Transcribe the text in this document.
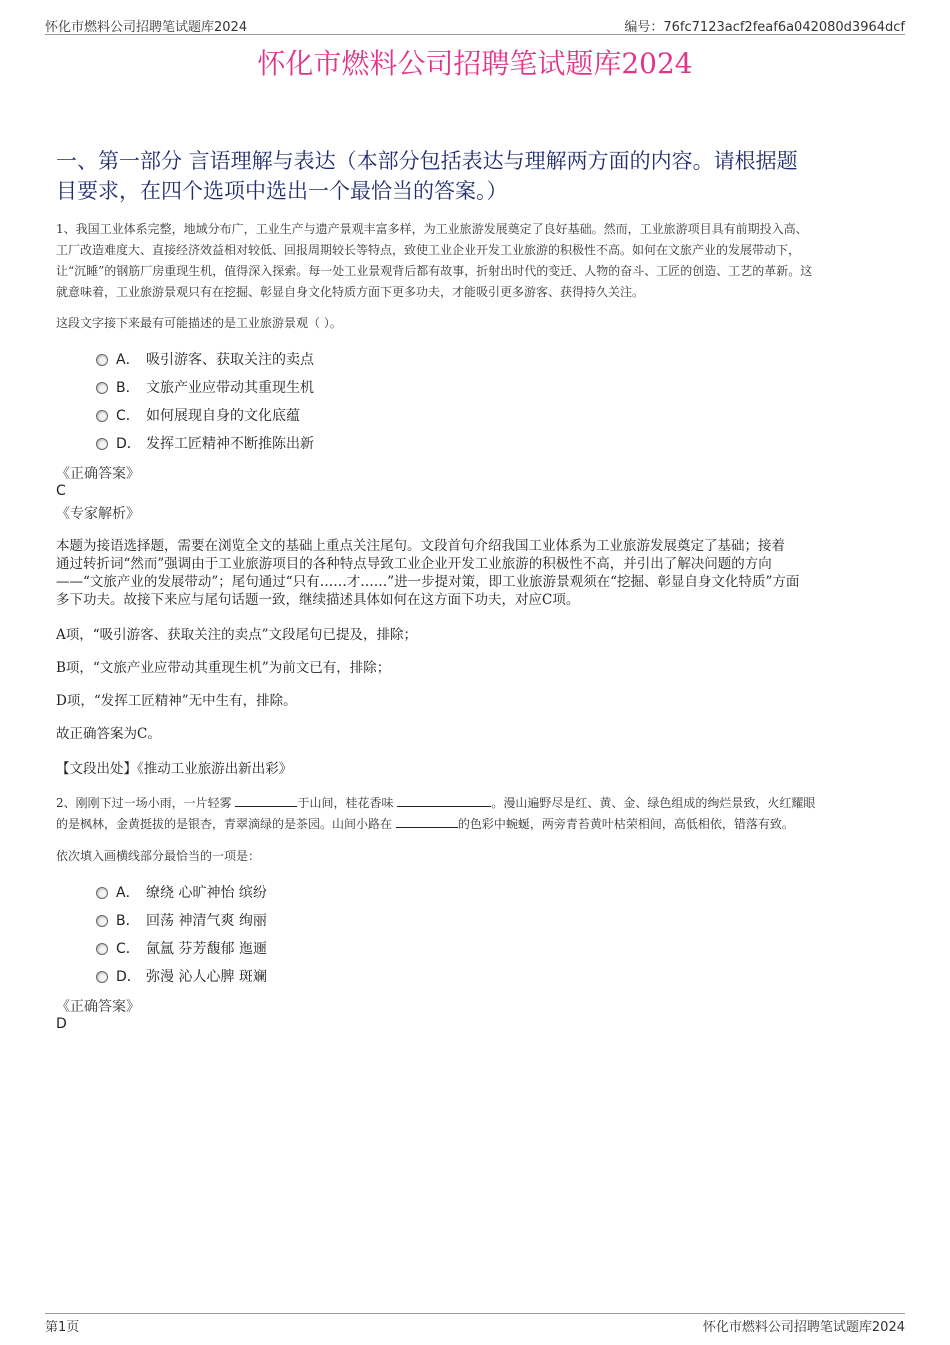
怀化市燃料公司招聘笔试题库2024	编号：76fc7123acf2feaf6a042080d3964dcf
怀化市燃料公司招聘笔试题库2024
一、第一部分 言语理解与表达（本部分包括表达与理解两方面的内容。请根据题
目要求，在四个选项中选出一个最恰当的答案。）
1、我国工业体系完整，地域分布广，工业生产与遗产景观丰富多样，为工业旅游发展奠定了良好基础。然而，工业旅游项目具有前期投入高、
工厂改造难度大、直接经济效益相对较低、回报周期较长等特点，致使工业企业开发工业旅游的积极性不高。如何在文旅产业的发展带动下，
让“沉睡”的钢筋厂房重现生机，值得深入探索。每一处工业景观背后都有故事，折射出时代的变迁、人物的奋斗、工匠的创造、工艺的革新。这
就意味着，工业旅游景观只有在挖掘、彰显自身文化特质方面下更多功夫，才能吸引更多游客、获得持久关注。
这段文字接下来最有可能描述的是工业旅游景观（ ）。
A． 吸引游客、获取关注的卖点
B． 文旅产业应带动其重现生机
C． 如何展现自身的文化底蕴
D． 发挥工匠精神不断推陈出新
《正确答案》
C
《专家解析》
本题为接语选择题，需要在浏览全文的基础上重点关注尾句。文段首句介绍我国工业体系为工业旅游发展奠定了基础；接着
通过转折词“然而”强调由于工业旅游项目的各种特点导致工业企业开发工业旅游的积极性不高，并引出了解决问题的方向
——“文旅产业的发展带动”；尾句通过“只有……才……”进一步提对策，即工业旅游景观须在“挖掘、彰显自身文化特质”方面
多下功夫。故接下来应与尾句话题一致，继续描述具体如何在这方面下功夫，对应C项。
A项，“吸引游客、获取关注的卖点”文段尾句已提及，排除；
B项，“文旅产业应带动其重现生机”为前文已有，排除；
D项，“发挥工匠精神”无中生有，排除。
故正确答案为C。
【文段出处】《推动工业旅游出新出彩》
2、刚刚下过一场小雨，一片轻雾	于山间，桂花香味	。漫山遍野尽是红、黄、金、绿色组成的绚烂景致，火红耀眼
的是枫林，金黄挺拔的是银杏，青翠滴绿的是茶园。山间小路在	的色彩中蜿蜒，两旁青苔黄叶枯荣相间，高低相依，错落有致。
依次填入画横线部分最恰当的一项是：
A． 缭绕 心旷神怡 缤纷
B． 回荡 神清气爽 绚丽
C． 氤氲 芬芳馥郁 迤逦
D． 弥漫 沁人心脾 斑斓
《正确答案》
D
第1页	怀化市燃料公司招聘笔试题库2024
